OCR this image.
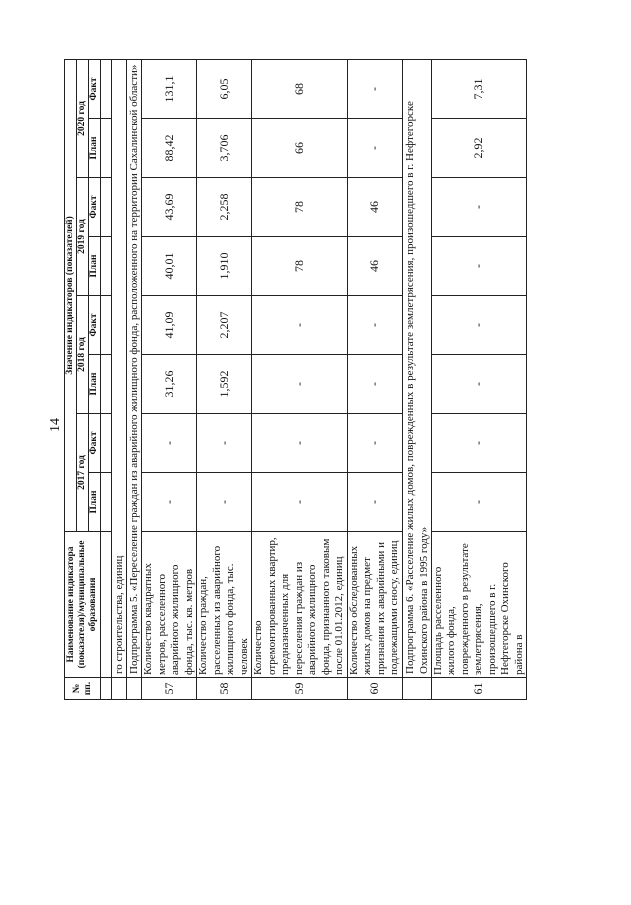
14
№ пп.	Наименование индикатора (показателя)/муниципальные образования	Значение индикаторов (показателей)							
		2017 год		2018 год		2019 год		2020 год	
		План	Факт	План	Факт	План	Факт	План	Факт

	го строительства, единиц								
	Подпрограмма 5. «Переселение граждан из аварийного жилищного фонда, расположенного на территории Сахалинской области»								
57	Количество квадратных метров, расселенного аварийного жилищного фонда, тыс. кв. метров	-	-	31,26	41,09	40,01	43,69	88,42	131,1
58	Количество граждан, расселенных из аварийного жилищного фонда, тыс. человек	-	-	1,592	2,207	1,910	2,258	3,706	6,05
59	Количество отремонтированных квартир, предназначенных для переселения граждан из аварийного жилищного фонда, признанного таковым после 01.01.2012, единиц	-	-	-	-	78	78	66	68
60	Количество обследованных жилых домов на предмет признания их аварийными и подлежащими сносу, единиц	-	-	-	-	46	46	-	-
	Подпрограмма 6. «Расселение жилых домов, поврежденных в результате землетрясения, произошедшего в г. Нефтегорске Охинского района в 1995 году»								
61	Площадь расселенного жилого фонда, поврежденного в результате землетрясения, произошедшего в г. Нефтегорске Охинского района в	-	-	-	-	-	-	2,92	7,31
